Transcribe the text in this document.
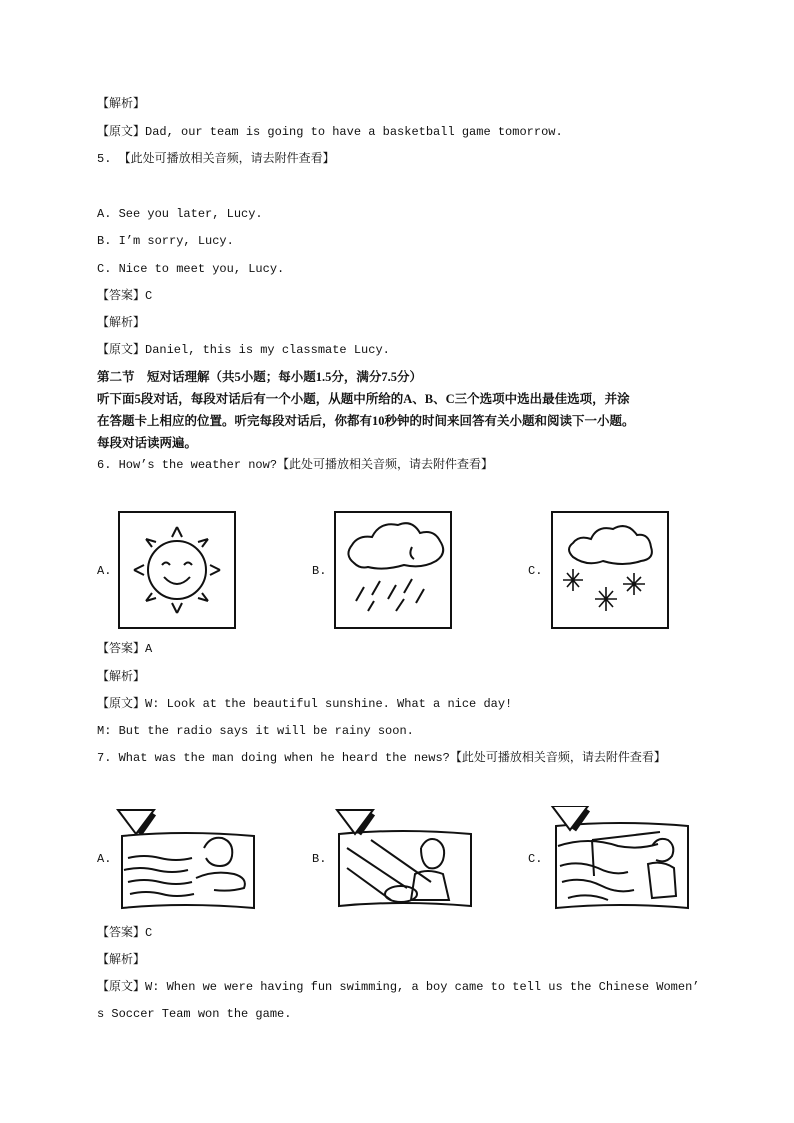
【解析】
【原文】Dad, our team is going to have a basketball game tomorrow.
5. 【此处可播放相关音频，请去附件查看】
A. See you later, Lucy.
B. I’m sorry, Lucy.
C. Nice to meet you, Lucy.
【答案】C
【解析】
【原文】Daniel, this is my classmate Lucy.
第二节　短对话理解（共5小题；每小题1.5分，满分7.5分）
听下面5段对话，每段对话后有一个小题，从题中所给的A、B、C三个选项中选出最佳选项，并涂
在答题卡上相应的位置。听完每段对话后，你都有10秒钟的时间来回答有关小题和阅读下一小题。
每段对话读两遍。
6. How’s the weather now?【此处可播放相关音频，请去附件查看】
A.	B.	C.
【答案】A
【解析】
【原文】W: Look at the beautiful sunshine. What a nice day!
M: But the radio says it will be rainy soon.
7. What was the man doing when he heard the news?【此处可播放相关音频，请去附件查看】
A.	B.	C.
【答案】C
【解析】
【原文】W: When we were having fun swimming, a boy came to tell us the Chinese Women’
s Soccer Team won the game.
